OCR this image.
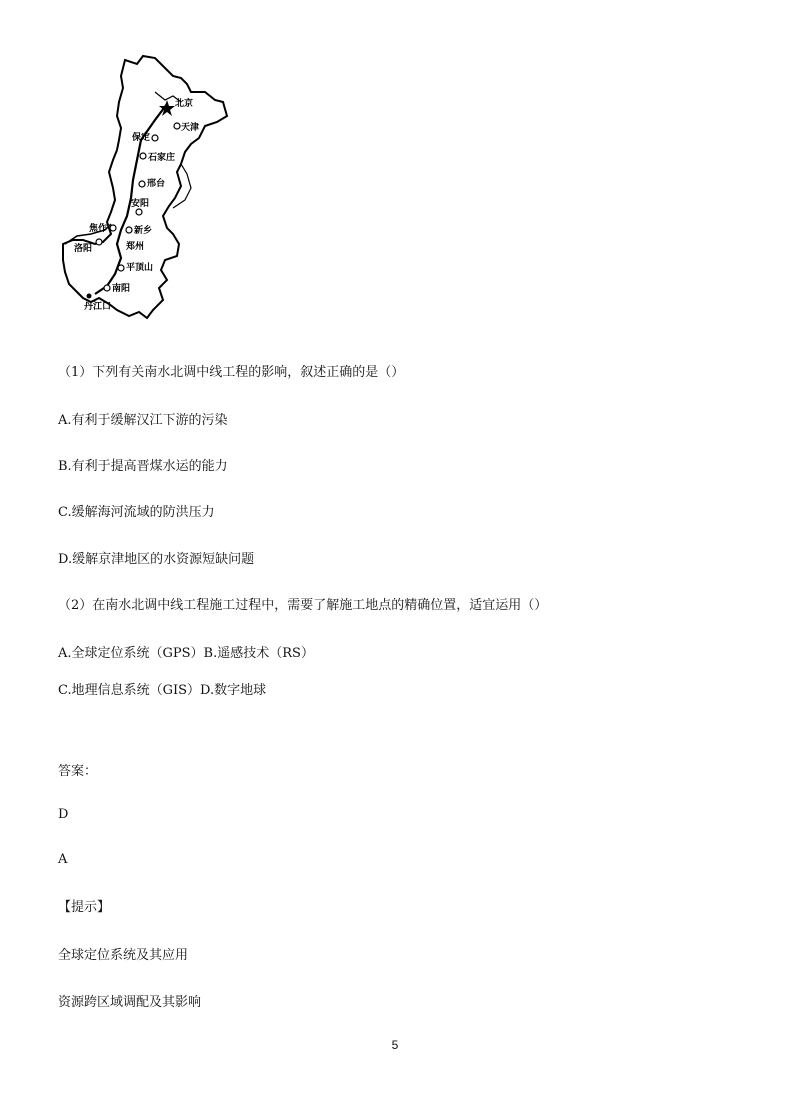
北京
天津
保定
石家庄
邢台
安阳
焦作	新乡
洛阳	郑州
平顶山
南阳
丹江口
（1）下列有关南水北调中线工程的影响，叙述正确的是（）
A.有利于缓解汉江下游的污染
B.有利于提高晋煤水运的能力
C.缓解海河流域的防洪压力
D.缓解京津地区的水资源短缺问题
（2）在南水北调中线工程施工过程中，需要了解施工地点的精确位置，适宜运用（）
A.全球定位系统（GPS）B.遥感技术（RS）
C.地理信息系统（GIS）D.数字地球
答案：
D
A
【提示】
全球定位系统及其应用
资源跨区域调配及其影响
5
